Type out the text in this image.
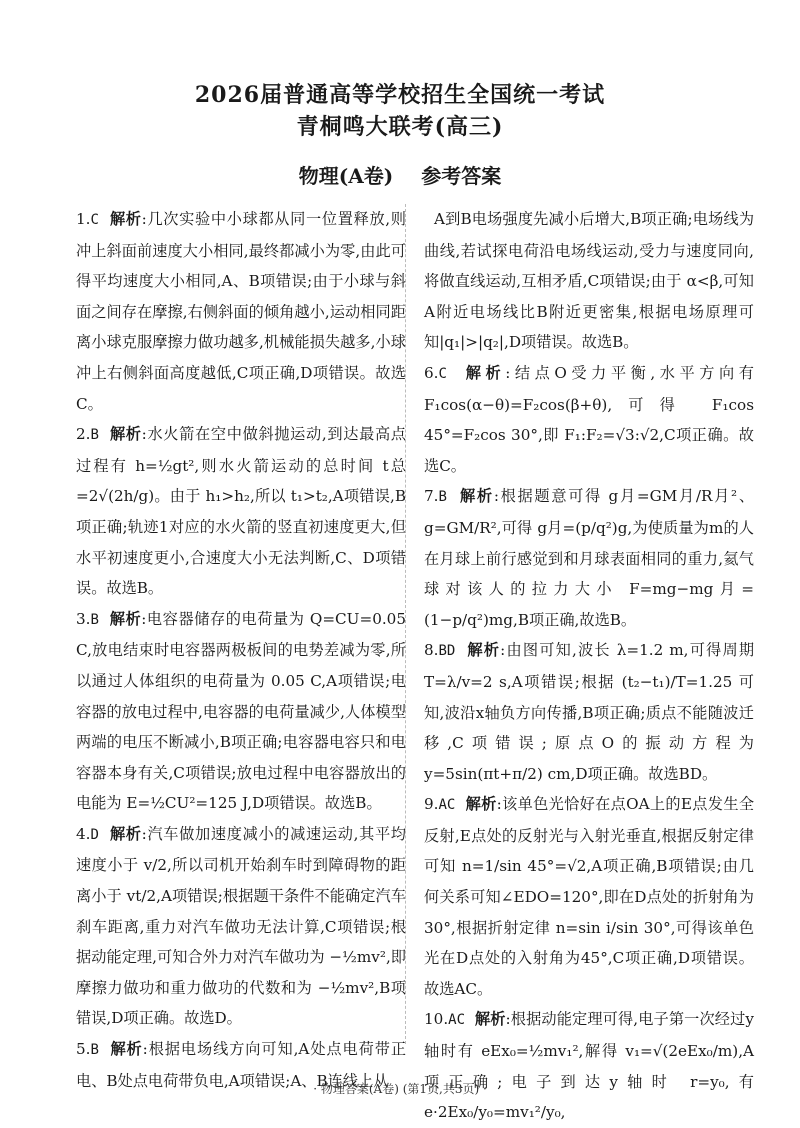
2026届普通高等学校招生全国统一考试
青桐鸣大联考(高三)
物理(A卷) 参考答案

1.C 解析:几次实验中小球都从同一位置释放,则冲上斜面前速度大小相同,最终都减小为零,由此可得平均速度大小相同,A、B项错误;由于小球与斜面之间存在摩擦,右侧斜面的倾角越小,运动相同距离小球克服摩擦力做功越多,机械能损失越多,小球冲上右侧斜面高度越低,C项正确,D项错误。故选C。

2.B 解析:水火箭在空中做斜抛运动,到达最高点过程有 h=½gt²,则水火箭运动的总时间 t总=2√(2h/g)。由于 h₁>h₂,所以 t₁>t₂,A项错误,B项正确;轨迹1对应的水火箭的竖直初速度更大,但水平初速度更小,合速度大小无法判断,C、D项错误。故选B。

3.B 解析:电容器储存的电荷量为 Q=CU=0.05 C,放电结束时电容器两极板间的电势差减为零,所以通过人体组织的电荷量为 0.05 C,A项错误;电容器的放电过程中,电容器的电荷量减少,人体模型两端的电压不断减小,B项正确;电容器电容只和电容器本身有关,C项错误;放电过程中电容器放出的电能为 E=½CU²=125 J,D项错误。故选B。

4.D 解析:汽车做加速度减小的减速运动,其平均速度小于 v/2,所以司机开始刹车时到障碍物的距离小于 vt/2,A项错误;根据题干条件不能确定汽车刹车距离,重力对汽车做功无法计算,C项错误;根据动能定理,可知合外力对汽车做功为 −½mv²,即摩擦力做功和重力做功的代数和为 −½mv²,B项错误,D项正确。故选D。

5.B 解析:根据电场线方向可知,A处点电荷带正电、B处点电荷带负电,A项错误;A、B连线上从

A到B电场强度先减小后增大,B项正确;电场线为曲线,若试探电荷沿电场线运动,受力与速度同向,将做直线运动,互相矛盾,C项错误;由于 α<β,可知A附近电场线比B附近更密集,根据电场原理可知|q₁|>|q₂|,D项错误。故选B。

6.C 解析:结点O受力平衡,水平方向有 F₁cos(α−θ)=F₂cos(β+θ),可得 F₁cos 45°=F₂cos 30°,即 F₁:F₂=√3:√2,C项正确。故选C。

7.B 解析:根据题意可得 g月=GM月/R月²、g=GM/R²,可得 g月=(p/q²)g,为使质量为m的人在月球上前行感觉到和月球表面相同的重力,氦气球对该人的拉力大小 F=mg−mg月=(1−p/q²)mg,B项正确,故选B。

8.BD 解析:由图可知,波长 λ=1.2 m,可得周期 T=λ/v=2 s,A项错误;根据 (t₂−t₁)/T=1.25 可知,波沿x轴负方向传播,B项正确;质点不能随波迁移,C项错误;原点O的振动方程为 y=5sin(πt+π/2) cm,D项正确。故选BD。

9.AC 解析:该单色光恰好在点OA上的E点发生全反射,E点处的反射光与入射光垂直,根据反射定律可知 n=1/sin 45°=√2,A项正确,B项错误;由几何关系可知∠EDO=120°,即在D点处的折射角为30°,根据折射定律 n=sin i/sin 30°,可得该单色光在D点处的入射角为45°,C项正确,D项错误。故选AC。

10.AC 解析:根据动能定理可得,电子第一次经过y轴时有 eEx₀=½mv₁²,解得 v₁=√(2eEx₀/m),A项正确;电子到达y轴时 r=y₀,有 e·2Ex₀/y₀=mv₁²/y₀,

· 物理答案(A卷) (第1页,共3页) ·
